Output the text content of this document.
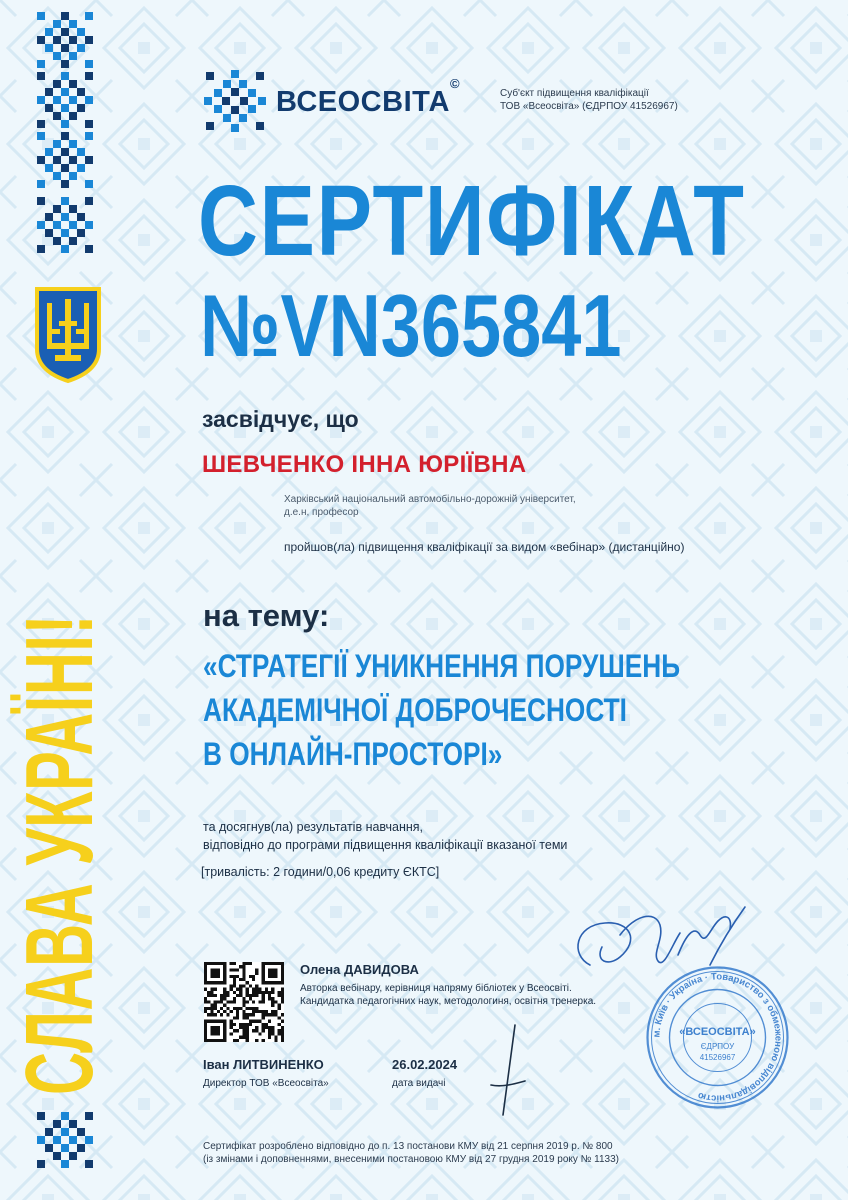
СЛАВА УКРАЇНІ!
ВСЕОСВІТА
©
Суб'єкт підвищення кваліфікації
ТОВ «Всеосвіта» (ЄДРПОУ 41526967)
СЕРТИФІКАТ
№VN365841
засвідчує, що
ШЕВЧЕНКО ІННА ЮРІЇВНА
Харківський національний автомобільно-дорожній університет,
д.е.н, професор
пройшов(ла) підвищення кваліфікації за видом «вебінар» (дистанційно)
на тему:
«СТРАТЕГІЇ УНИКНЕННЯ ПОРУШЕНЬ
АКАДЕМІЧНОЇ ДОБРОЧЕСНОСТІ
В ОНЛАЙН-ПРОСТОРІ»
та досягнув(ла) результатів навчання,
відповідно до програми підвищення кваліфікації вказаної теми
[тривалість: 2 години/0,06 кредиту ЄКТС]
Олена ДАВИДОВА
Авторка вебінару, керівниця напряму бібліотек у Всеосвіті.
Кандидатка педагогічних наук, методологиня, освітня тренерка.
Іван ЛИТВИНЕНКО
Директор ТОВ «Всеосвіта»
26.02.2024
дата видачі
м. Київ · Україна · Товариство з обмеженою відповідальністю
«ВСЕОСВІТА»
ЄДРПОУ
41526967
Сертифікат розроблено відповідно до п. 13 постанови КМУ від 21 серпня 2019 р. № 800
(із змінами і доповненнями, внесеними постановою КМУ від 27 грудня 2019 року № 1133)
